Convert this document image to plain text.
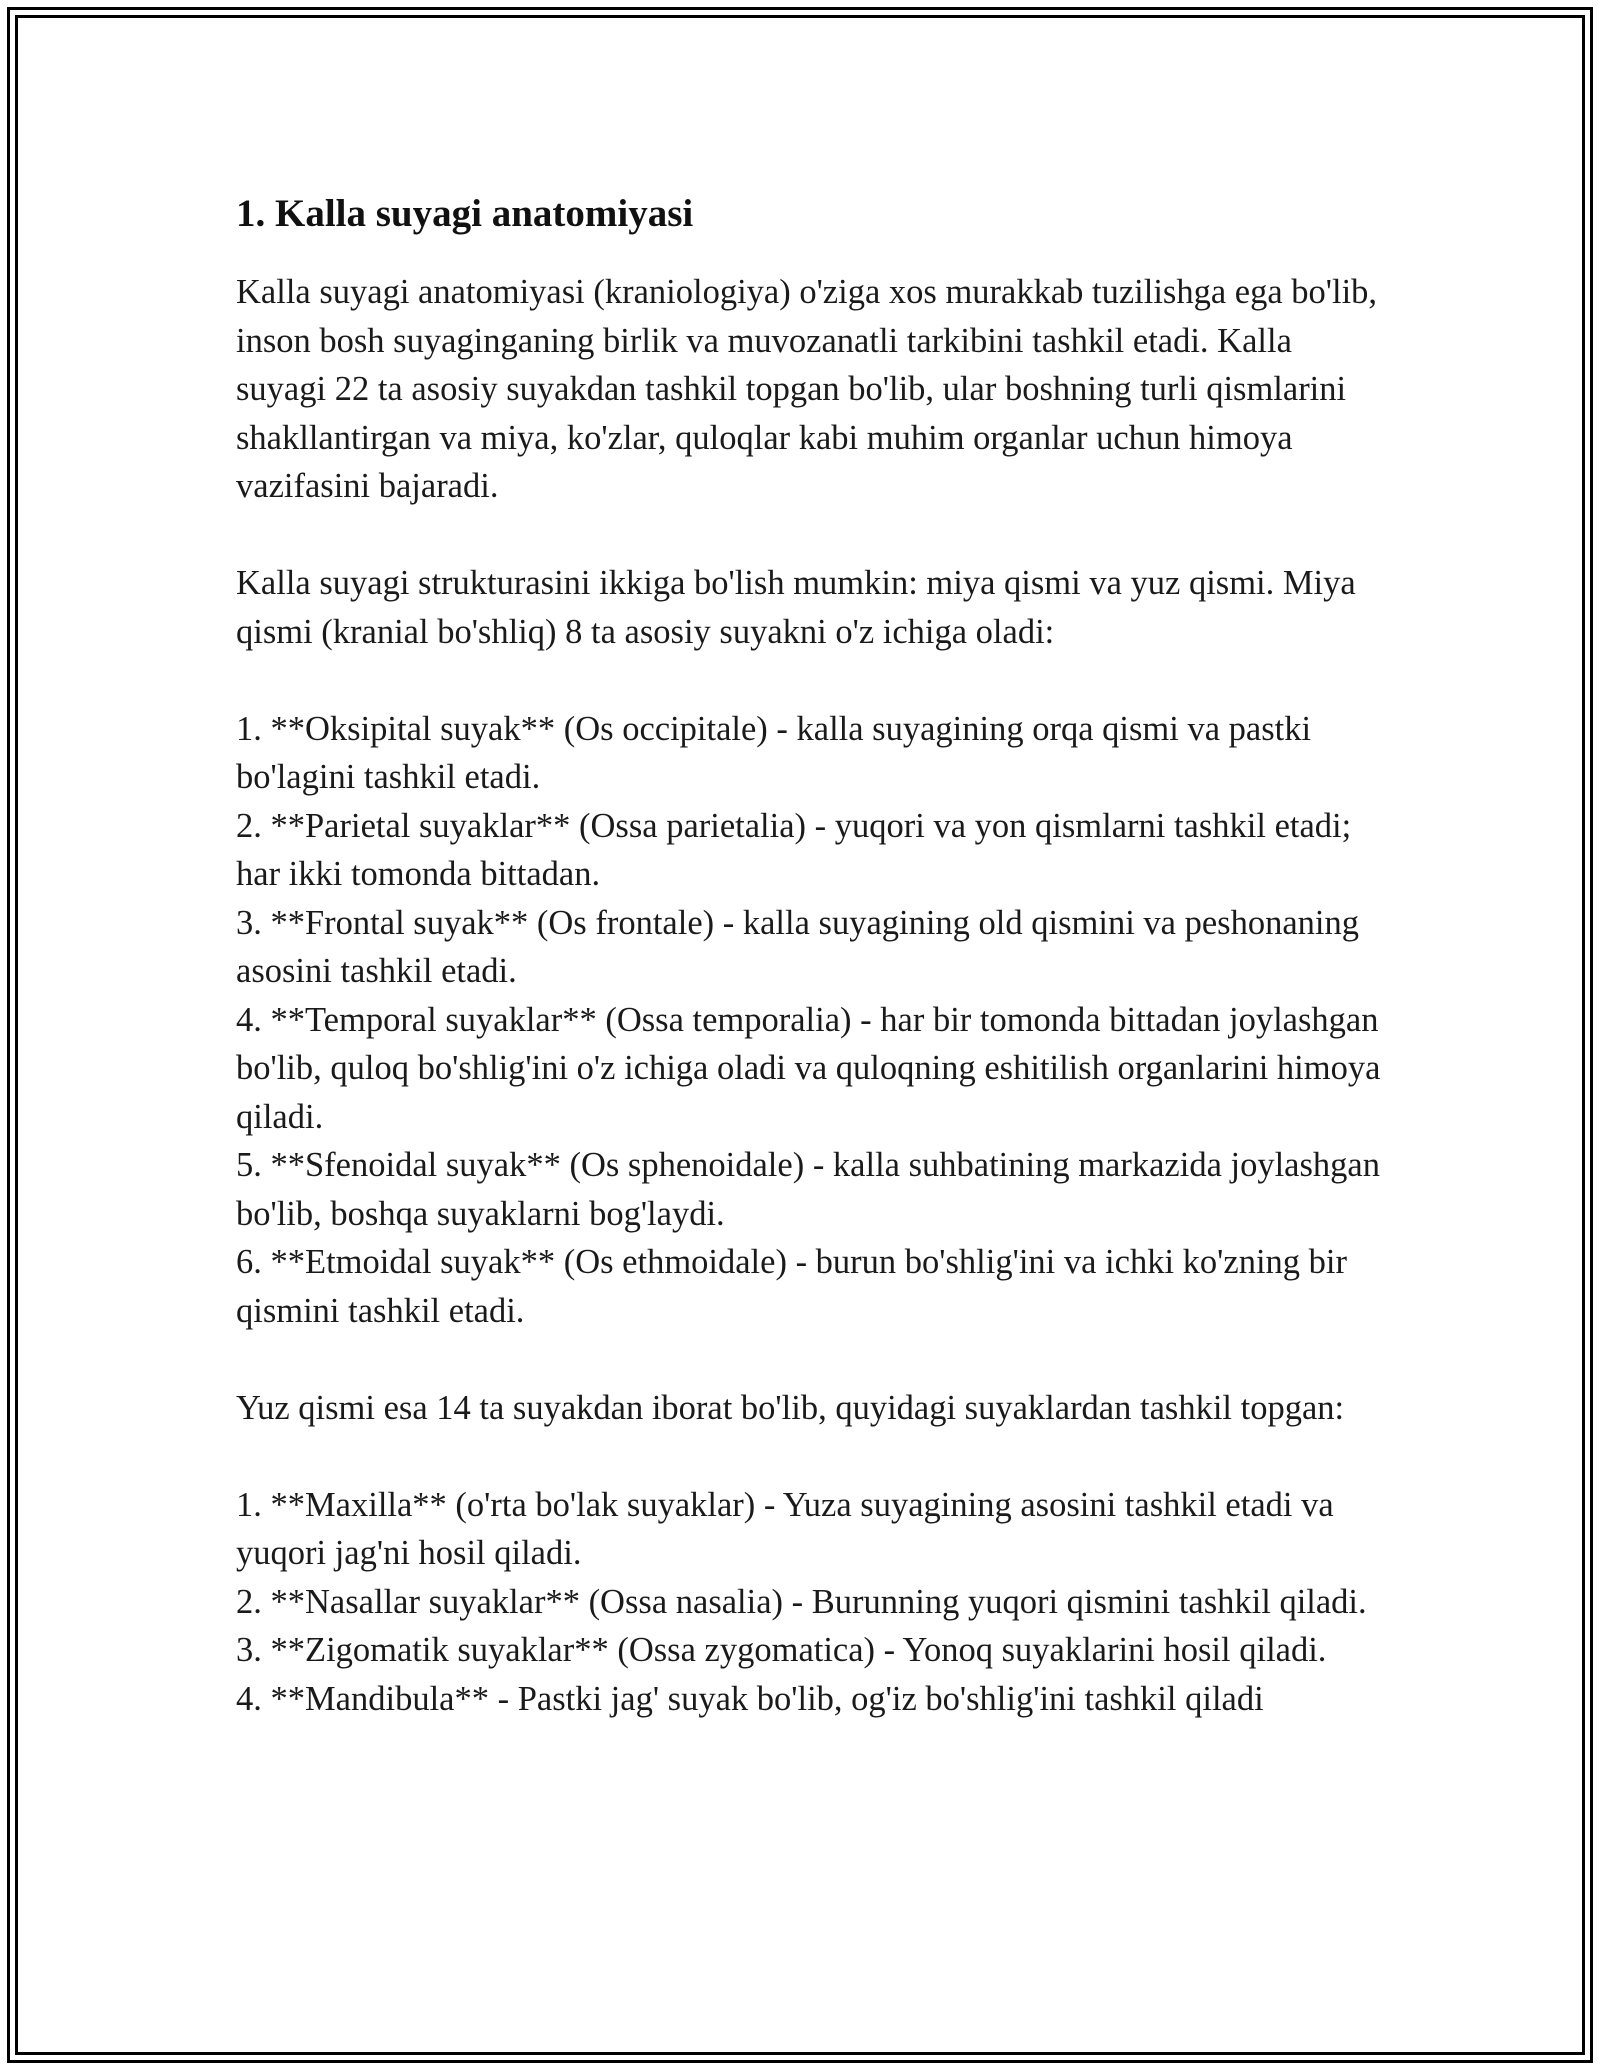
1. Kalla suyagi anatomiyasi

Kalla suyagi anatomiyasi (kraniologiya) o'ziga xos murakkab tuzilishga ega bo'lib, inson bosh suyaginganing birlik va muvozanatli tarkibini tashkil etadi. Kalla suyagi 22 ta asosiy suyakdan tashkil topgan bo'lib, ular boshning turli qismlarini shakllantirgan va miya, ko'zlar, quloqlar kabi muhim organlar uchun himoya vazifasini bajaradi.

Kalla suyagi strukturasini ikkiga bo'lish mumkin: miya qismi va yuz qismi. Miya qismi (kranial bo'shliq) 8 ta asosiy suyakni o'z ichiga oladi:

1. **Oksipital suyak** (Os occipitale) - kalla suyagining orqa qismi va pastki bo'lagini tashkil etadi.

2. **Parietal suyaklar** (Ossa parietalia) - yuqori va yon qismlarni tashkil etadi; har ikki tomonda bittadan.

3. **Frontal suyak** (Os frontale) - kalla suyagining old qismini va peshonaning asosini tashkil etadi.

4. **Temporal suyaklar** (Ossa temporalia) - har bir tomonda bittadan joylashgan bo'lib, quloq bo'shlig'ini o'z ichiga oladi va quloqning eshitilish organlarini himoya qiladi.

5. **Sfenoidal suyak** (Os sphenoidale) - kalla suhbatining markazida joylashgan bo'lib, boshqa suyaklarni bog'laydi.

6. **Etmoidal suyak** (Os ethmoidale) - burun bo'shlig'ini va ichki ko'zning bir qismini tashkil etadi.

Yuz qismi esa 14 ta suyakdan iborat bo'lib, quyidagi suyaklardan tashkil topgan:

1. **Maxilla** (o'rta bo'lak suyaklar) - Yuza suyagining asosini tashkil etadi va yuqori jag'ni hosil qiladi.

2. **Nasallar suyaklar** (Ossa nasalia) - Burunning yuqori qismini tashkil qiladi.

3. **Zigomatik suyaklar** (Ossa zygomatica) - Yonoq suyaklarini hosil qiladi.

4. **Mandibula** - Pastki jag' suyak bo'lib, og'iz bo'shlig'ini tashkil qiladi
